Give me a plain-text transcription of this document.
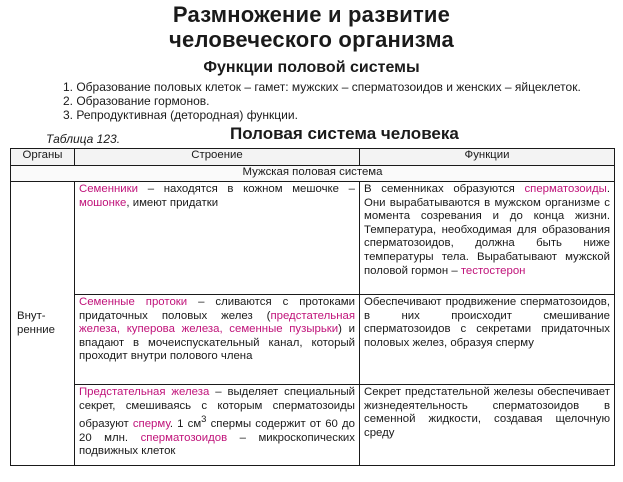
Размножение и развитие
человеческого организма
Функции половой системы
1. Образование половых клеток – гамет: мужских – сперматозоидов и женских – яйцеклеток.
2. Образование гормонов.
3. Репродуктивная (детородная) функции.
Таблица 123.	Половая система человека
Органы	Строение	Функции
Мужская половая система		

Внут-
ренние	Семенники – находятся в кожном мешочке – мошонке, имеют придатки	В семенниках образуются сперматозоиды. Они вырабатываются в мужском организме с момента созревания и до конца жизни. Температура, необходимая для образования сперматозоидов, должна быть ниже температуры тела. Вырабатывают мужской половой гормон – тестостерон

	Семенные протоки – сливаются с протоками придаточных половых желез (предстательная железа, куперова железа, семенные пузырьки) и впадают в мочеиспускательный канал, который проходит внутри полового члена	Обеспечивают продвижение сперматозоидов, в них происходит смешивание сперматозоидов с секретами придаточных половых желез, образуя сперму

	Предстательная железа – выделяет специальный секрет, смешиваясь с которым сперматозоиды образуют сперму. 1 $см^3$ спермы содержит от 60 до 20 млн. сперматозоидов – микроскопических подвижных клеток	Секрет предстательной железы обеспечивает жизнедеятельность сперматозоидов в семенной жидкости, создавая щелочную среду
